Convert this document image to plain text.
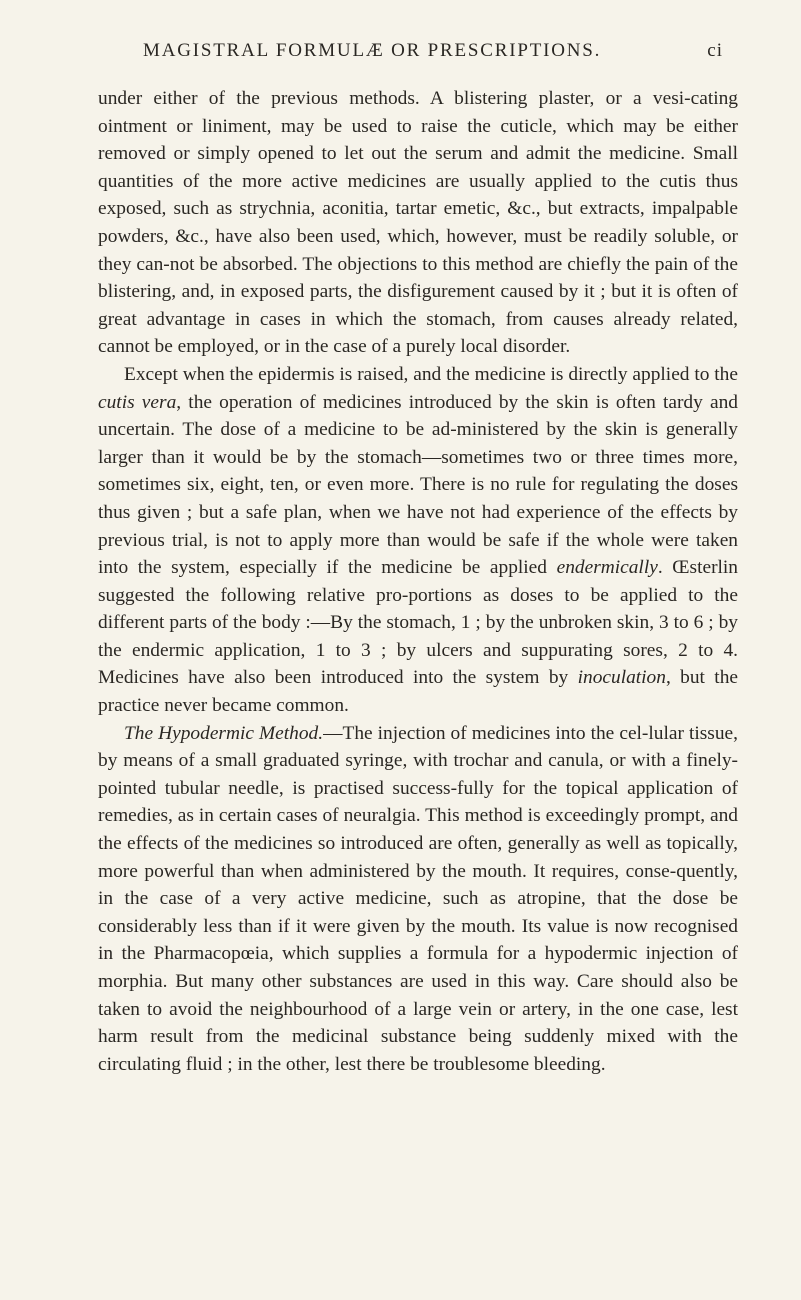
MAGISTRAL FORMULÆ OR PRESCRIPTIONS.	ci

under either of the previous methods. A blistering plaster, or a vesi-cating ointment or liniment, may be used to raise the cuticle, which may be either removed or simply opened to let out the serum and admit the medicine. Small quantities of the more active medicines are usually applied to the cutis thus exposed, such as strychnia, aconitia, tartar emetic, &c., but extracts, impalpable powders, &c., have also been used, which, however, must be readily soluble, or they can-not be absorbed. The objections to this method are chiefly the pain of the blistering, and, in exposed parts, the disfigurement caused by it ; but it is often of great advantage in cases in which the stomach, from causes already related, cannot be employed, or in the case of a purely local disorder.

Except when the epidermis is raised, and the medicine is directly applied to the cutis vera, the operation of medicines introduced by the skin is often tardy and uncertain. The dose of a medicine to be ad-ministered by the skin is generally larger than it would be by the stomach—sometimes two or three times more, sometimes six, eight, ten, or even more. There is no rule for regulating the doses thus given ; but a safe plan, when we have not had experience of the effects by previous trial, is not to apply more than would be safe if the whole were taken into the system, especially if the medicine be applied endermically. Œsterlin suggested the following relative pro-portions as doses to be applied to the different parts of the body :—By the stomach, 1 ; by the unbroken skin, 3 to 6 ; by the endermic application, 1 to 3 ; by ulcers and suppurating sores, 2 to 4. Medicines have also been introduced into the system by inoculation, but the practice never became common.

The Hypodermic Method.—The injection of medicines into the cel-lular tissue, by means of a small graduated syringe, with trochar and canula, or with a finely-pointed tubular needle, is practised success-fully for the topical application of remedies, as in certain cases of neuralgia. This method is exceedingly prompt, and the effects of the medicines so introduced are often, generally as well as topically, more powerful than when administered by the mouth. It requires, conse-quently, in the case of a very active medicine, such as atropine, that the dose be considerably less than if it were given by the mouth. Its value is now recognised in the Pharmacopœia, which supplies a formula for a hypodermic injection of morphia. But many other substances are used in this way. Care should also be taken to avoid the neighbourhood of a large vein or artery, in the one case, lest harm result from the medicinal substance being suddenly mixed with the circulating fluid ; in the other, lest there be troublesome bleeding.
